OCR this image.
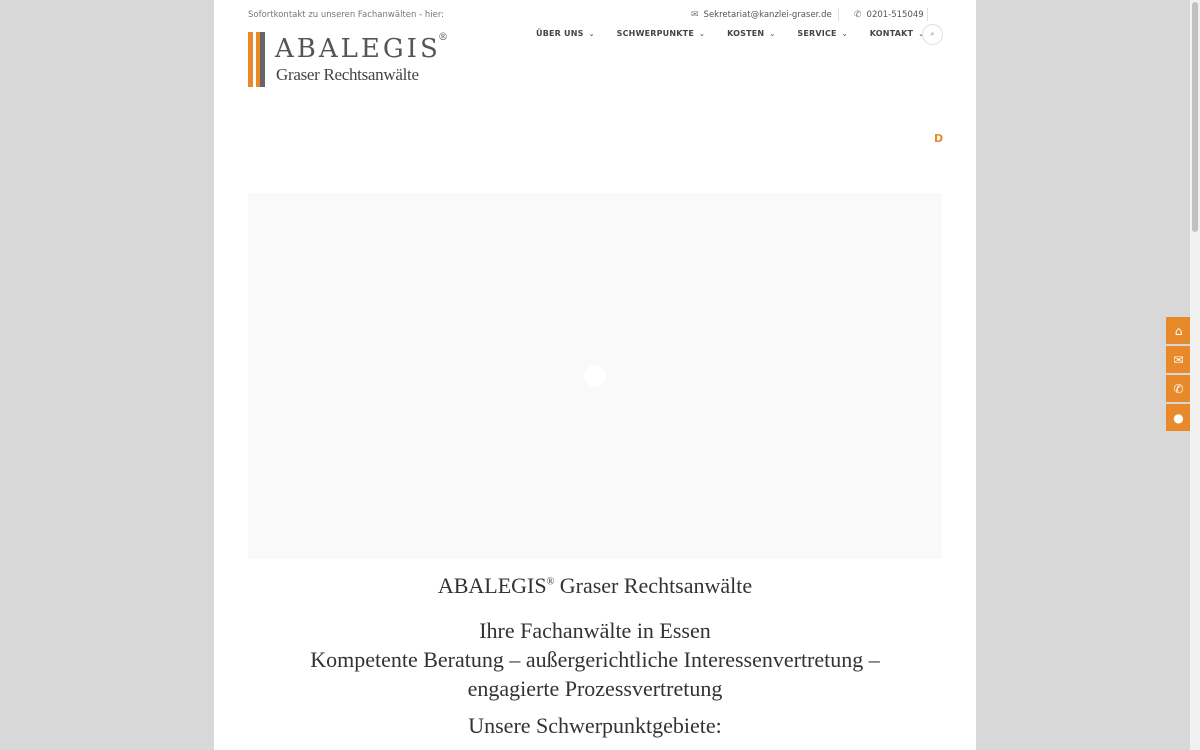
Sofortkontakt zu unseren Fachanwälten - hier:	✉ Sekretariat@kanzlei-graser.de ✆ 0201-515049
ABALEGIS
®
Graser Rechtsanwälte
ÜBER UNS ⌄	SCHWERPUNKTE ⌄	KOSTEN ⌄	SERVICE ⌄	KONTAKT ⌄ ⌕
D
ABALEGIS® Graser Rechtsanwälte
Ihre Fachanwälte in Essen
Kompetente Beratung – außergerichtliche Interessenvertretung –
engagierte Prozessvertretung
Unsere Schwerpunktgebiete:
⌂
✉
✆
●
